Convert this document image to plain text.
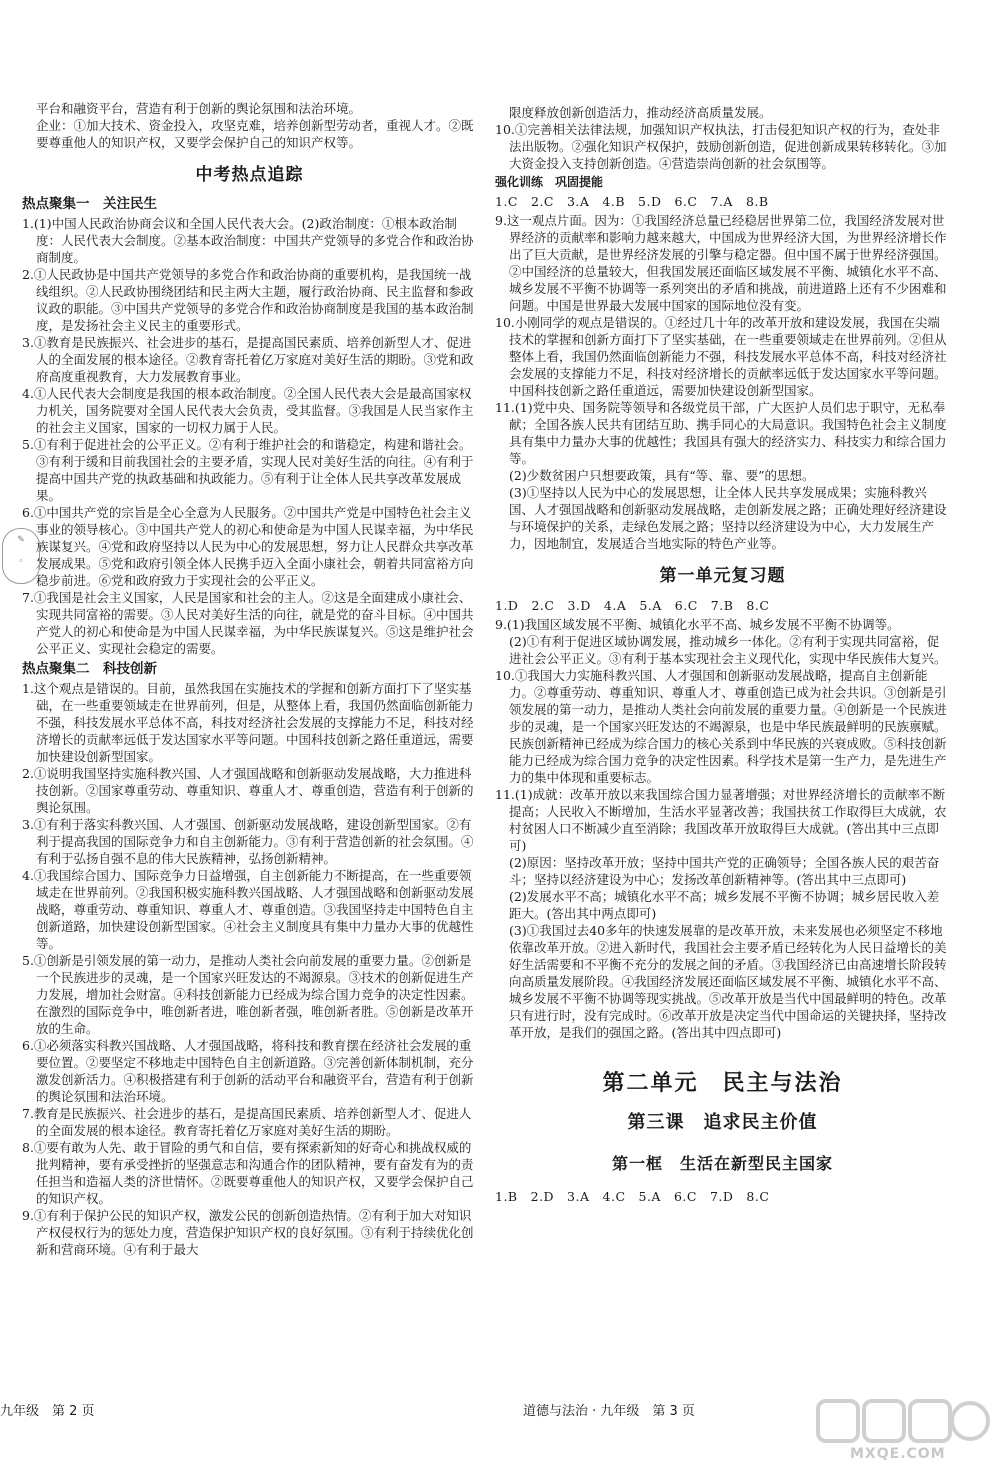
平台和融资平台，营造有利于创新的舆论氛围和法治环境。

企业：①加大技术、资金投入，攻坚克难，培养创新型劳动者，重视人才。②既要尊重他人的知识产权，又要学会保护自己的知识产权等。

中考热点追踪
热点聚集一　关注民生

1.(1)中国人民政治协商会议和全国人民代表大会。(2)政治制度：①根本政治制度：人民代表大会制度。②基本政治制度：中国共产党领导的多党合作和政治协商制度。

2.①人民政协是中国共产党领导的多党合作和政治协商的重要机构，是我国统一战线组织。②人民政协围绕团结和民主两大主题，履行政治协商、民主监督和参政议政的职能。③中国共产党领导的多党合作和政治协商制度是我国的基本政治制度，是发扬社会主义民主的重要形式。

3.①教育是民族振兴、社会进步的基石，是提高国民素质、培养创新型人才、促进人的全面发展的根本途径。②教育寄托着亿万家庭对美好生活的期盼。③党和政府高度重视教育，大力发展教育事业。

4.①人民代表大会制度是我国的根本政治制度。②全国人民代表大会是最高国家权力机关，国务院要对全国人民代表大会负责，受其监督。③我国是人民当家作主的社会主义国家，国家的一切权力属于人民。

5.①有利于促进社会的公平正义。②有利于维护社会的和谐稳定，构建和谐社会。③有利于缓和目前我国社会的主要矛盾，实现人民对美好生活的向往。④有利于提高中国共产党的执政基础和执政能力。⑤有利于让全体人民共享改革发展成果。

6.①中国共产党的宗旨是全心全意为人民服务。②中国共产党是中国特色社会主义事业的领导核心。③中国共产党人的初心和使命是为中国人民谋幸福，为中华民族谋复兴。④党和政府坚持以人民为中心的发展思想，努力让人民群众共享改革发展成果。⑤党和政府引领全体人民携手迈入全面小康社会，朝着共同富裕方向稳步前进。⑥党和政府致力于实现社会的公平正义。

7.①我国是社会主义国家，人民是国家和社会的主人。②这是全面建成小康社会、实现共同富裕的需要。③人民对美好生活的向往，就是党的奋斗目标。④中国共产党人的初心和使命是为中国人民谋幸福，为中华民族谋复兴。⑤这是维护社会公平正义、实现社会稳定的需要。

热点聚集二　科技创新

1.这个观点是错误的。目前，虽然我国在实施技术的学握和创新方面打下了坚实基础，在一些重要领域走在世界前列，但是，从整体上看，我国仍然面临创新能力不强，科技发展水平总体不高，科技对经济社会发展的支撑能力不足，科技对经济增长的贡献率远低于发达国家水平等问题。中国科技创新之路任重道远，需要加快建设创新型国家。

2.①说明我国坚持实施科教兴国、人才强国战略和创新驱动发展战略，大力推进科技创新。②国家尊重劳动、尊重知识、尊重人才、尊重创造，营造有利于创新的舆论氛围。

3.①有利于落实科教兴国、人才强国、创新驱动发展战略，建设创新型国家。②有利于提高我国的国际竞争力和自主创新能力。③有利于营造创新的社会氛围。④有利于弘扬自强不息的伟大民族精神，弘扬创新精神。

4.①我国综合国力、国际竞争力日益增强，自主创新能力不断提高，在一些重要领域走在世界前列。②我国积极实施科教兴国战略、人才强国战略和创新驱动发展战略，尊重劳动、尊重知识、尊重人才、尊重创造。③我国坚持走中国特色自主创新道路，加快建设创新型国家。④社会主义制度具有集中力量办大事的优越性等。

5.①创新是引领发展的第一动力，是推动人类社会向前发展的重要力量。②创新是一个民族进步的灵魂，是一个国家兴旺发达的不竭源泉。③技术的创新促进生产力发展，增加社会财富。④科技创新能力已经成为综合国力竞争的决定性因素。在激烈的国际竞争中，唯创新者进，唯创新者强，唯创新者胜。⑤创新是改革开放的生命。

6.①必须落实科教兴国战略、人才强国战略，将科技和教育摆在经济社会发展的重要位置。②要坚定不移地走中国特色自主创新道路。③完善创新体制机制，充分激发创新活力。④积极搭建有利于创新的活动平台和融资平台，营造有利于创新的舆论氛围和法治环境。

7.教育是民族振兴、社会进步的基石，是提高国民素质、培养创新型人才、促进人的全面发展的根本途径。教育寄托着亿万家庭对美好生活的期盼。

8.①要有敢为人先、敢于冒险的勇气和自信，要有探索新知的好奇心和挑战权威的批判精神，要有承受挫折的坚强意志和沟通合作的团队精神，要有奋发有为的责任担当和造福人类的济世情怀。②既要尊重他人的知识产权，又要学会保护自己的知识产权。

9.①有利于保护公民的知识产权，激发公民的创新创造热情。②有利于加大对知识产权侵权行为的惩处力度，营造保护知识产权的良好氛围。③有利于持续优化创新和营商环境。④有利于最大

✎
◦

限度释放创新创造活力，推动经济高质量发展。

10.①完善相关法律法规，加强知识产权执法，打击侵犯知识产权的行为，查处非法出版物。②强化知识产权保护，鼓励创新创造，促进创新成果转移转化。③加大资金投入支持创新创造。④营造崇尚创新的社会氛围等。

强化训练　巩固提能
1.C　2.C　3.A　4.B　5.D　6.C　7.A　8.B

9.这一观点片面。因为：①我国经济总量已经稳居世界第二位，我国经济发展对世界经济的贡献率和影响力越来越大，中国成为世界经济大国，为世界经济增长作出了巨大贡献，是世界经济发展的引擎与稳定器。但中国不属于世界经济强国。②中国经济的总量较大，但我国发展还面临区域发展不平衡、城镇化水平不高、城乡发展不平衡不协调等一系列突出的矛盾和挑战，前进道路上还有不少困难和问题。中国是世界最大发展中国家的国际地位没有变。

10.小刚同学的观点是错误的。①经过几十年的改革开放和建设发展，我国在尖端技术的掌握和创新方面打下了坚实基础，在一些重要领域走在世界前列。②但从整体上看，我国仍然面临创新能力不强，科技发展水平总体不高，科技对经济社会发展的支撑能力不足，科技对经济增长的贡献率远低于发达国家水平等问题。中国科技创新之路任重道远，需要加快建设创新型国家。

11.(1)党中央、国务院等领导和各级党员干部，广大医护人员们忠于职守，无私奉献；全国各族人民共有团结互助、携手同心的大局意识。我国特色社会主义制度具有集中力量办大事的优越性；我国具有强大的经济实力、科技实力和综合国力等。

(2)少数贫困户只想要政策，具有“等、靠、要”的思想。

(3)①坚持以人民为中心的发展思想，让全体人民共享发展成果；实施科教兴国、人才强国战略和创新驱动发展战略，走创新发展之路；正确处理好经济建设与环境保护的关系，走绿色发展之路；坚持以经济建设为中心，大力发展生产力，因地制宜，发展适合当地实际的特色产业等。

第一单元复习题
1.D　2.C　3.D　4.A　5.A　6.C　7.B　8.C

9.(1)我国区域发展不平衡、城镇化水平不高、城乡发展不平衡不协调等。

(2)①有利于促进区域协调发展，推动城乡一体化。②有利于实现共同富裕，促进社会公平正义。③有利于基本实现社会主义现代化，实现中华民族伟大复兴。

10.①我国大力实施科教兴国、人才强国和创新驱动发展战略，提高自主创新能力。②尊重劳动、尊重知识、尊重人才、尊重创造已成为社会共识。③创新是引领发展的第一动力，是推动人类社会向前发展的重要力量。④创新是一个民族进步的灵魂，是一个国家兴旺发达的不竭源泉，也是中华民族最鲜明的民族禀赋。民族创新精神已经成为综合国力的核心关系到中华民族的兴衰成败。⑤科技创新能力已经成为综合国力竞争的决定性因素。科学技术是第一生产力，是先进生产力的集中体现和重要标志。

11.(1)成就：改革开放以来我国综合国力显著增强；对世界经济增长的贡献率不断提高；人民收入不断增加，生活水平显著改善；我国扶贫工作取得巨大成就，农村贫困人口不断减少直至消除；我国改革开放取得巨大成就。(答出其中三点即可)

(2)原因：坚持改革开放；坚持中国共产党的正确领导；全国各族人民的艰苦奋斗；坚持以经济建设为中心；发扬改革创新精神等。(答出其中三点即可)

(2)发展水平不高；城镇化水平不高；城乡发展不平衡不协调；城乡居民收入差距大。(答出其中两点即可)

(3)①我国过去40多年的快速发展靠的是改革开放，未来发展也必须坚定不移地依靠改革开放。②进入新时代，我国社会主要矛盾已经转化为人民日益增长的美好生活需要和不平衡不充分的发展之间的矛盾。③我国经济已由高速增长阶段转向高质量发展阶段。④我国经济发展还面临区域发展不平衡、城镇化水平不高、城乡发展不平衡不协调等现实挑战。⑤改革开放是当代中国最鲜明的特色。改革只有进行时，没有完成时。⑥改革开放是决定当代中国命运的关键抉择，坚持改革开放，是我们的强国之路。(答出其中四点即可)

第二单元　民主与法治
第三课　追求民主价值
第一框　生活在新型民主国家
1.B　2.D　3.A　4.C　5.A　6.C　7.D　8.C
九年级　第 2 页	道德与法治 · 九年级　第 3 页
MXQE.COM
